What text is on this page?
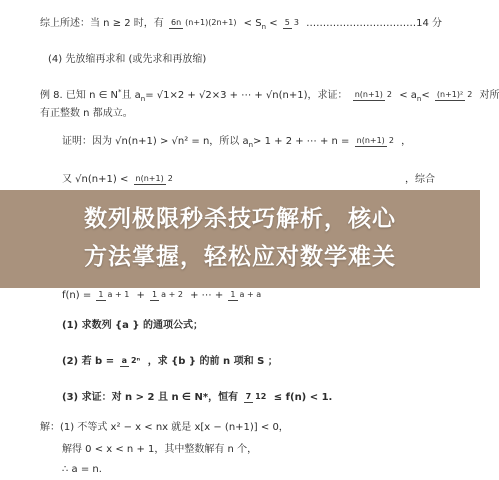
综上所述：当 n ≥ 2 时，有 6n (n+1)(2n+1) < Sn < 5 3 ……………………………14 分
(4) 先放缩再求和 (或先求和再放缩)
例 8. 已知 n ∈ N*且 an= √1×2 + √2×3 + ⋯ + √n(n+1)，求证： n(n+1) 2 < an< (n+1)² 2 对所
有正整数 n 都成立。
证明：因为 √n(n+1) > √n² = n，所以 an> 1 + 2 + ⋯ + n = n(n+1) 2 ，
又 √n(n+1) < n(n+1) 2	，综合
f(n) = 1 a + 1 + 1 a + 2 + ⋯ + 1 a + a
(1) 求数列 {a } 的通项公式；
(2) 若 b = a 2ⁿ ，求 {b } 的前 n 项和 S ；
(3) 求证：对 n > 2 且 n ∈ N*，恒有 7 12 ≤ f(n) < 1.
解：(1) 不等式 x² − x < nx 就是 x[x − (n+1)] < 0，
解得 0 < x < n + 1，其中整数解有 n 个，
∴ a = n.
数列极限秒杀技巧解析，核心
方法掌握，轻松应对数学难关
